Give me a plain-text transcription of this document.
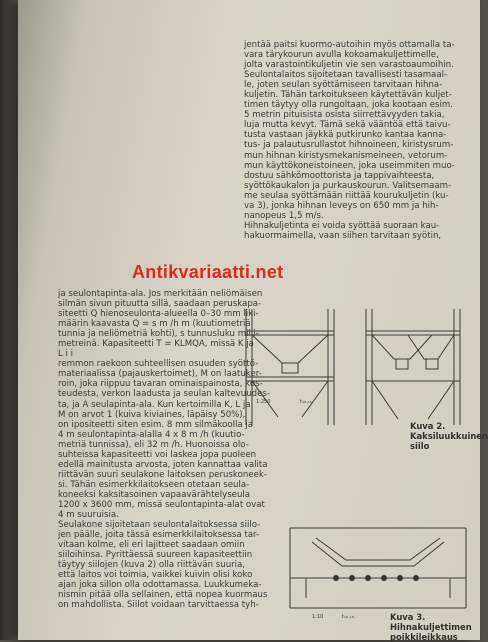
jentää paitsi kuormo-autoihin myös ottamalla ta-
vara tärykourun avulla kokoamakuljettimelle,
jolta varastointikuljetin vie sen varastoaumoihin.
Seulontalaitos sijoitetaan tavallisesti tasamaal-
le, joten seulan syöttämiseen tarvitaan hihna-
kuljetin. Tähän tarkoitukseen käytettävän kuljet-
timen täytyy olla rungoltaan, joka kootaan esim.
5 metrin pituisista osista siirrettävyyden takia,
luja mutta kevyt. Tämä sekä vääntöä että taivu-
tusta vastaan jäykkä putkirunko kantaa kanna-
tus- ja palautusrullastot hihnoineen, kiristysrum-
mun hihnan kiristysmekanismeineen, vetorum-
mun käyttökoneistoineen, joka useimmiten muo-
dostuu sähkömoottorista ja tappivaihteesta,
syöttökaukalon ja purkauskourun. Valitsemaam-
me seulaa syöttämään riittää kourukuljetin (ku-
va 3), jonka hihnan leveys on 650 mm ja hih-
nanopeus 1,5 m/s.
Hihnakuljetinta ei voida syöttää suoraan kau-
hakuormaimella, vaan siihen tarvitaan syötin,
Antikvariaatti.net
ja seulontapinta-ala. Jos merkitään neliömäisen
silmän sivun pituutta sillä, saadaan peruskapa-
siteetti Q hienoseulonta-alueella 0–30 mm liki-
määrin kaavasta Q = s m /h m (kuutiometriä
tunnia ja neliömetriä kohti), s tunnusluku milli-
metreinä. Kapasiteetti T = KLMQA, missä K ja
L i i
remmon raekoon suhteellisen osuuden syöttö-
materiaalissa (pajauskertoimet), M on laatuker-
roin, joka riippuu tavaran ominaispainosta, kos-
teudesta, verkon laadusta ja seulan kaltevuudes-
ta, ja A seulapinta-ala. Kun kertoimilla K, L ja
M on arvot 1 (kuiva kiviaines, läpäisy 50%),
on ipositeetti siten esim. 8 mm silmäkoolla ja
4 m seulontapinta-alalla 4 x 8 m /h (kuutio-
metriä tunnissa), eli 32 m /h. Huonoissa olo-
suhteissa kapasiteetti voi laskea jopa puoleen
edellä mainitusta arvosta, joten kannattaa valita
riittävän suuri seulakone laitoksen peruskoneek-
si. Tähän esimerkkilaitokseen otetaan seula-
koneeksi kaksitasoinen vapaavärähtelyseula
1200 x 3600 mm, missä seulontapinta-alat ovat
4 m suuruisia.
Seulakone sijoitetaan seulontalaitoksessa siilo-
jen päälle, joita tässä esimerkkilaitoksessa tar-
vitaan kolme, eli eri lajitteet saadaan omiin
siiloihinsa. Pyrittäessä suureen kapasiteettiin
täytyy siilojen (kuva 2) olla riittävän suuria,
että laitos voi toimia, vaikkei kuivin olisi koko
ajan joka sillon olla odottamassa. Luukkumeka-
nismin pitää olla sellainen, että nopea kuormaus
on mahdollista. Siilot voidaan tarvittaessa tyh-
1:250	t₁₀ ₚ₅.
Kuva 2.
Kaksiluukkuinen siilo
1:10	t₁₀ ₚ₅.	Kuva 3.
Hihnakuljettimen poikkileikkaus
